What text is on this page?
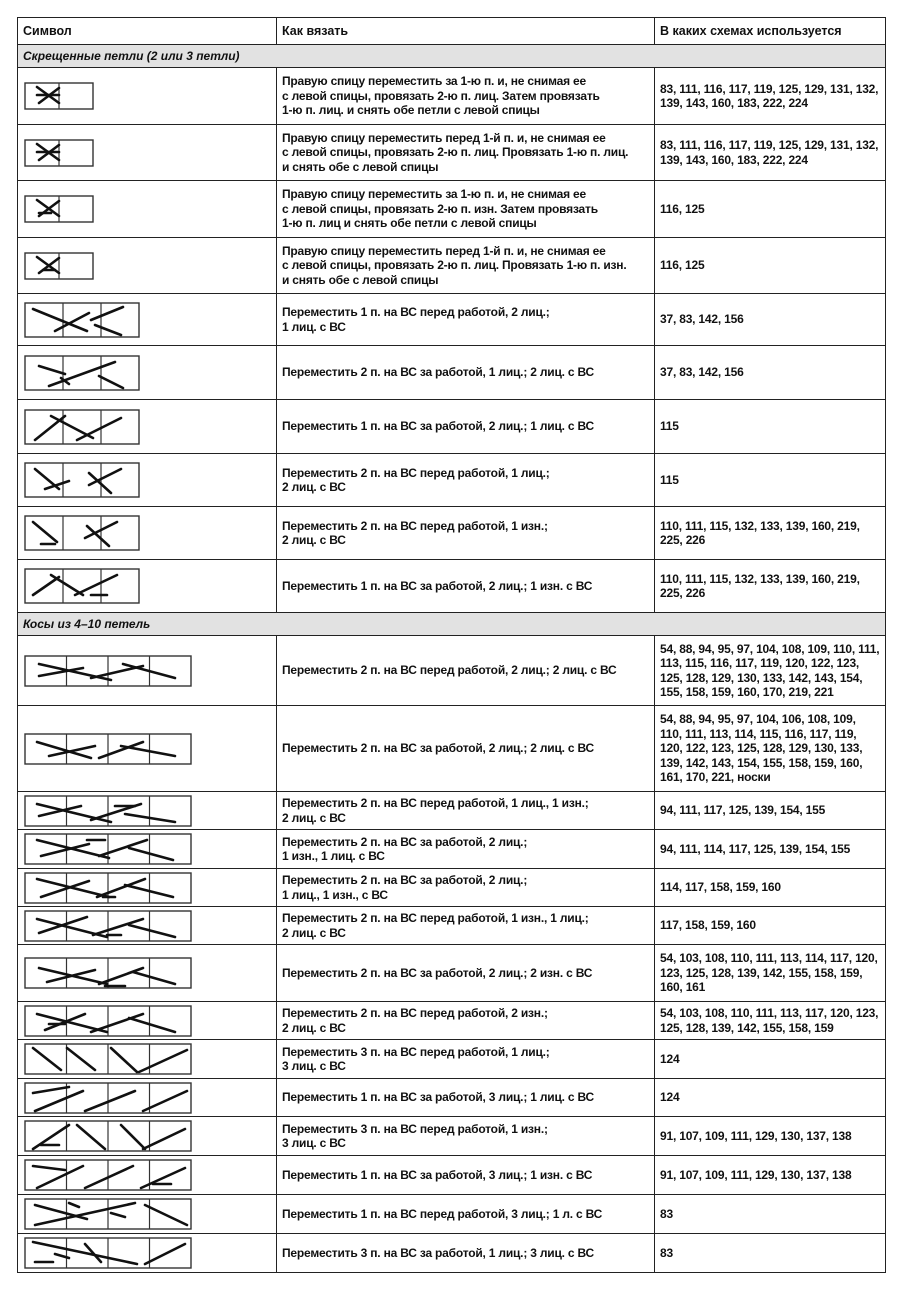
Символ	Как вязать	В каких схемах используется
Скрещенные петли (2 или 3 петли)		

Правую спицу переместить за 1-ю п. и, не снимая ее
с левой спицы, провязать 2-ю п. лиц. Затем провязать
1-ю п. лиц. и снять обе петли с левой спицы	83, 111, 116, 117, 119, 125, 129, 131, 132, 139, 143, 160, 183, 222, 224

Правую спицу переместить перед 1-й п. и, не снимая ее
с левой спицы, провязать 2-ю п. лиц. Провязать 1-ю п. лиц.
и снять обе с левой спицы	83, 111, 116, 117, 119, 125, 129, 131, 132, 139, 143, 160, 183, 222, 224

Правую спицу переместить за 1-ю п. и, не снимая ее
с левой спицы, провязать 2-ю п. изн. Затем провязать
1-ю п. лиц и снять обе петли с левой спицы	116, 125

Правую спицу переместить перед 1-й п. и, не снимая ее
с левой спицы, провязать 2-ю п. лиц. Провязать 1-ю п. изн.
и снять обе с левой спицы	116, 125

Переместить 1 п. на ВС перед работой, 2 лиц.;
1 лиц. с ВС	37, 83, 142, 156

Переместить 2 п. на ВС за работой, 1 лиц.; 2 лиц. с ВС	37, 83, 142, 156

Переместить 1 п. на ВС за работой, 2 лиц.; 1 лиц. с ВС	115

Переместить 2 п. на ВС перед работой, 1 лиц.;
2 лиц. с ВС	115

Переместить 2 п. на ВС перед работой, 1 изн.;
2 лиц. с ВС	110, 111, 115, 132, 133, 139, 160, 219, 225, 226

Переместить 1 п. на ВС за работой, 2 лиц.; 1 изн. с ВС	110, 111, 115, 132, 133, 139, 160, 219, 225, 226
Косы из 4–10 петель		

Переместить 2 п. на ВС перед работой, 2 лиц.; 2 лиц. с ВС	54, 88, 94, 95, 97, 104, 108, 109, 110, 111, 113, 115, 116, 117, 119, 120, 122, 123, 125, 128, 129, 130, 133, 142, 143, 154, 155, 158, 159, 160, 170, 219, 221

Переместить 2 п. на ВС за работой, 2 лиц.; 2 лиц. с ВС	54, 88, 94, 95, 97, 104, 106, 108, 109, 110, 111, 113, 114, 115, 116, 117, 119, 120, 122, 123, 125, 128, 129, 130, 133, 139, 142, 143, 154, 155, 158, 159, 160, 161, 170, 221, носки

Переместить 2 п. на ВС перед работой, 1 лиц., 1 изн.;
2 лиц. с ВС	94, 111, 117, 125, 139, 154, 155

Переместить 2 п. на ВС за работой, 2 лиц.;
1 изн., 1 лиц. с ВС	94, 111, 114, 117, 125, 139, 154, 155

Переместить 2 п. на ВС за работой, 2 лиц.;
1 лиц., 1 изн., с ВС	114, 117, 158, 159, 160

Переместить 2 п. на ВС перед работой, 1 изн., 1 лиц.;
2 лиц. с ВС	117, 158, 159, 160

Переместить 2 п. на ВС за работой, 2 лиц.; 2 изн. с ВС	54, 103, 108, 110, 111, 113, 114, 117, 120, 123, 125, 128, 139, 142, 155, 158, 159, 160, 161

Переместить 2 п. на ВС перед работой, 2 изн.;
2 лиц. с ВС	54, 103, 108, 110, 111, 113, 117, 120, 123, 125, 128, 139, 142, 155, 158, 159

Переместить 3 п. на ВС перед работой, 1 лиц.;
3 лиц. с ВС	124

Переместить 1 п. на ВС за работой, 3 лиц.; 1 лиц. с ВС	124

Переместить 3 п. на ВС перед работой, 1 изн.;
3 лиц. с ВС	91, 107, 109, 111, 129, 130, 137, 138

Переместить 1 п. на ВС за работой, 3 лиц.; 1 изн. с ВС	91, 107, 109, 111, 129, 130, 137, 138

Переместить 1 п. на ВС перед работой, 3 лиц.; 1 л. с ВС	83

Переместить 3 п. на ВС за работой, 1 лиц.; 3 лиц. с ВС	83
